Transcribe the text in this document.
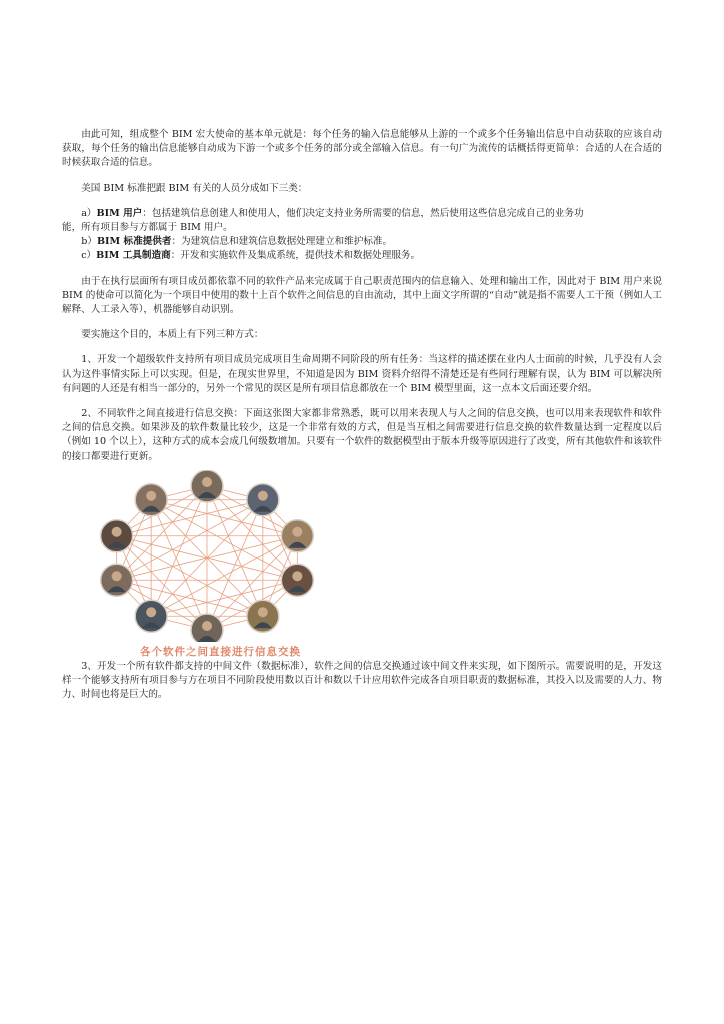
由此可知，组成整个 BIM 宏大使命的基本单元就是：每个任务的输入信息能够从上游的一个或多个任务输出信息中自动获取的应该自动获取，每个任务的输出信息能够自动成为下游一个或多个任务的部分或全部输入信息。有一句广为流传的话概括得更简单：合适的人在合适的时候获取合适的信息。

美国 BIM 标准把跟 BIM 有关的人员分成如下三类：

a）BIM 用户：包括建筑信息创建人和使用人，他们决定支持业务所需要的信息，然后使用这些信息完成自己的业务功
能，所有项目参与方都属于 BIM 用户。
b）BIM 标准提供者：为建筑信息和建筑信息数据处理建立和维护标准。
c）BIM 工具制造商：开发和实施软件及集成系统，提供技术和数据处理服务。

由于在执行层面所有项目成员都依靠不同的软件产品来完成属于自己职责范围内的信息输入、处理和输出工作，因此对于 BIM 用户来说 BIM 的使命可以简化为一个项目中使用的数十上百个软件之间信息的自由流动，其中上面文字所谓的“自动”就是指不需要人工干预（例如人工解释、人工录入等），机器能够自动识别。

要实施这个目的，本质上有下列三种方式：

1、开发一个超级软件支持所有项目成员完成项目生命周期不同阶段的所有任务：当这样的描述摆在业内人士面前的时候，几乎没有人会认为这件事情实际上可以实现。但是，在现实世界里，不知道是因为 BIM 资料介绍得不清楚还是有些同行理解有误，认为 BIM 可以解决所有问题的人还是有相当一部分的，另外一个常见的误区是所有项目信息都放在一个 BIM 模型里面，这一点本文后面还要介绍。

2、不同软件之间直接进行信息交换：下面这张图大家都非常熟悉，既可以用来表现人与人之间的信息交换，也可以用来表现软件和软件之间的信息交换。如果涉及的软件数量比较少，这是一个非常有效的方式，但是当互相之间需要进行信息交换的软件数量达到一定程度以后（例如 10 个以上），这种方式的成本会成几何级数增加。只要有一个软件的数据模型由于版本升级等原因进行了改变，所有其他软件和该软件的接口都要进行更新。

各个软件之间直接进行信息交换

3、开发一个所有软件都支持的中间文件（数据标准），软件之间的信息交换通过该中间文件来实现，如下图所示。需要说明的是，开发这样一个能够支持所有项目参与方在项目不同阶段使用数以百计和数以千计应用软件完成各自项目职责的数据标准，其投入以及需要的人力、物力、时间也将是巨大的。
